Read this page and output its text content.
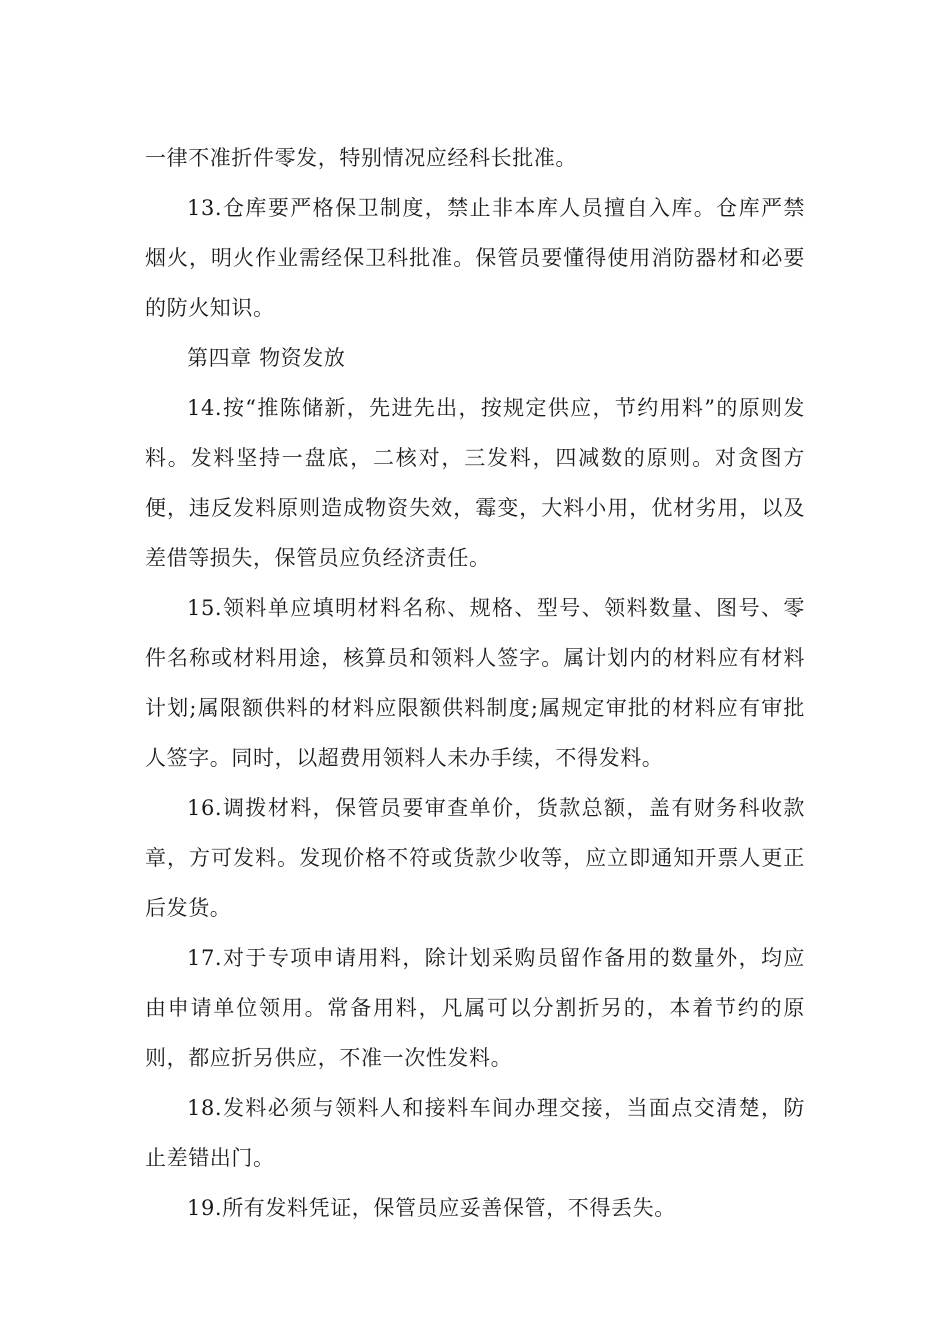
一律不准折件零发，特别情况应经科长批准。

13.仓库要严格保卫制度，禁止非本库人员擅自入库。仓库严禁烟火，明火作业需经保卫科批准。保管员要懂得使用消防器材和必要的防火知识。

第四章 物资发放

14.按“推陈储新，先进先出，按规定供应，节约用料”的原则发料。发料坚持一盘底，二核对，三发料，四减数的原则。对贪图方便，违反发料原则造成物资失效，霉变，大料小用，优材劣用，以及差借等损失，保管员应负经济责任。

15.领料单应填明材料名称、规格、型号、领料数量、图号、零件名称或材料用途，核算员和领料人签字。属计划内的材料应有材料计划;属限额供料的材料应限额供料制度;属规定审批的材料应有审批人签字。同时，以超费用领料人未办手续，不得发料。

16.调拨材料，保管员要审查单价，货款总额，盖有财务科收款章，方可发料。发现价格不符或货款少收等，应立即通知开票人更正后发货。

17.对于专项申请用料，除计划采购员留作备用的数量外，均应由申请单位领用。常备用料，凡属可以分割折另的，本着节约的原则，都应折另供应，不准一次性发料。

18.发料必须与领料人和接料车间办理交接，当面点交清楚，防止差错出门。

19.所有发料凭证，保管员应妥善保管，不得丢失。
